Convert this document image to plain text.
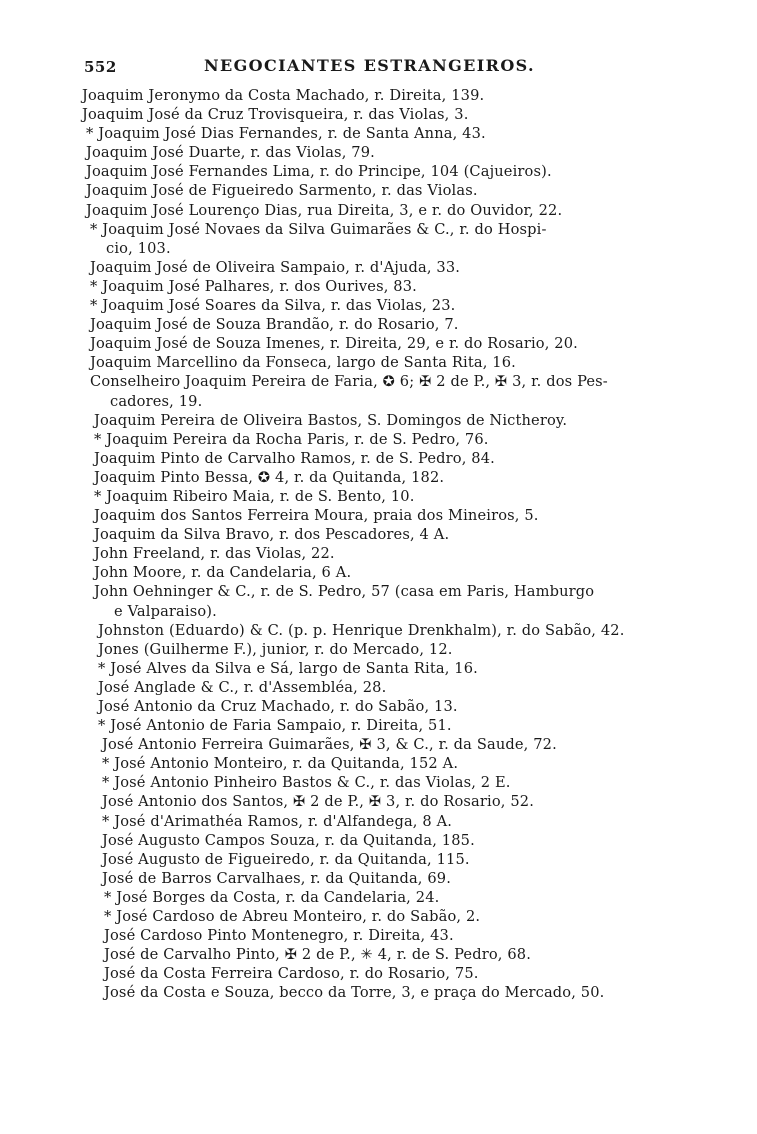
552	NEGOCIANTES ESTRANGEIROS.
Joaquim Jeronymo da Costa Machado, r. Direita, 139.
Joaquim José da Cruz Trovisqueira, r. das Violas, 3.
* Joaquim José Dias Fernandes, r. de Santa Anna, 43.
Joaquim José Duarte, r. das Violas, 79.
Joaquim José Fernandes Lima, r. do Principe, 104 (Cajueiros).
Joaquim José de Figueiredo Sarmento, r. das Violas.
Joaquim José Lourenço Dias, rua Direita, 3, e r. do Ouvidor, 22.
* Joaquim José Novaes da Silva Guimarães & C., r. do Hospi-
cio, 103.
Joaquim José de Oliveira Sampaio, r. d'Ajuda, 33.
* Joaquim José Palhares, r. dos Ourives, 83.
* Joaquim José Soares da Silva, r. das Violas, 23.
Joaquim José de Souza Brandão, r. do Rosario, 7.
Joaquim José de Souza Imenes, r. Direita, 29, e r. do Rosario, 20.
Joaquim Marcellino da Fonseca, largo de Santa Rita, 16.
Conselheiro Joaquim Pereira de Faria, ✪ 6; ✠ 2 de P., ✠ 3, r. dos Pes-
cadores, 19.
Joaquim Pereira de Oliveira Bastos, S. Domingos de Nictheroy.
* Joaquim Pereira da Rocha Paris, r. de S. Pedro, 76.
Joaquim Pinto de Carvalho Ramos, r. de S. Pedro, 84.
Joaquim Pinto Bessa, ✪ 4, r. da Quitanda, 182.
* Joaquim Ribeiro Maia, r. de S. Bento, 10.
Joaquim dos Santos Ferreira Moura, praia dos Mineiros, 5.
Joaquim da Silva Bravo, r. dos Pescadores, 4 A.
John Freeland, r. das Violas, 22.
John Moore, r. da Candelaria, 6 A.
John Oehninger & C., r. de S. Pedro, 57 (casa em Paris, Hamburgo
e Valparaiso).
Johnston (Eduardo) & C. (p. p. Henrique Drenkhalm), r. do Sabão, 42.
Jones (Guilherme F.), junior, r. do Mercado, 12.
* José Alves da Silva e Sá, largo de Santa Rita, 16.
José Anglade & C., r. d'Assembléa, 28.
José Antonio da Cruz Machado, r. do Sabão, 13.
* José Antonio de Faria Sampaio, r. Direita, 51.
José Antonio Ferreira Guimarães, ✠ 3, & C., r. da Saude, 72.
* José Antonio Monteiro, r. da Quitanda, 152 A.
* José Antonio Pinheiro Bastos & C., r. das Violas, 2 E.
José Antonio dos Santos, ✠ 2 de P., ✠ 3, r. do Rosario, 52.
* José d'Arimathéa Ramos, r. d'Alfandega, 8 A.
José Augusto Campos Souza, r. da Quitanda, 185.
José Augusto de Figueiredo, r. da Quitanda, 115.
José de Barros Carvalhaes, r. da Quitanda, 69.
* José Borges da Costa, r. da Candelaria, 24.
* José Cardoso de Abreu Monteiro, r. do Sabão, 2.
José Cardoso Pinto Montenegro, r. Direita, 43.
José de Carvalho Pinto, ✠ 2 de P., ✳ 4, r. de S. Pedro, 68.
José da Costa Ferreira Cardoso, r. do Rosario, 75.
José da Costa e Souza, becco da Torre, 3, e praça do Mercado, 50.
